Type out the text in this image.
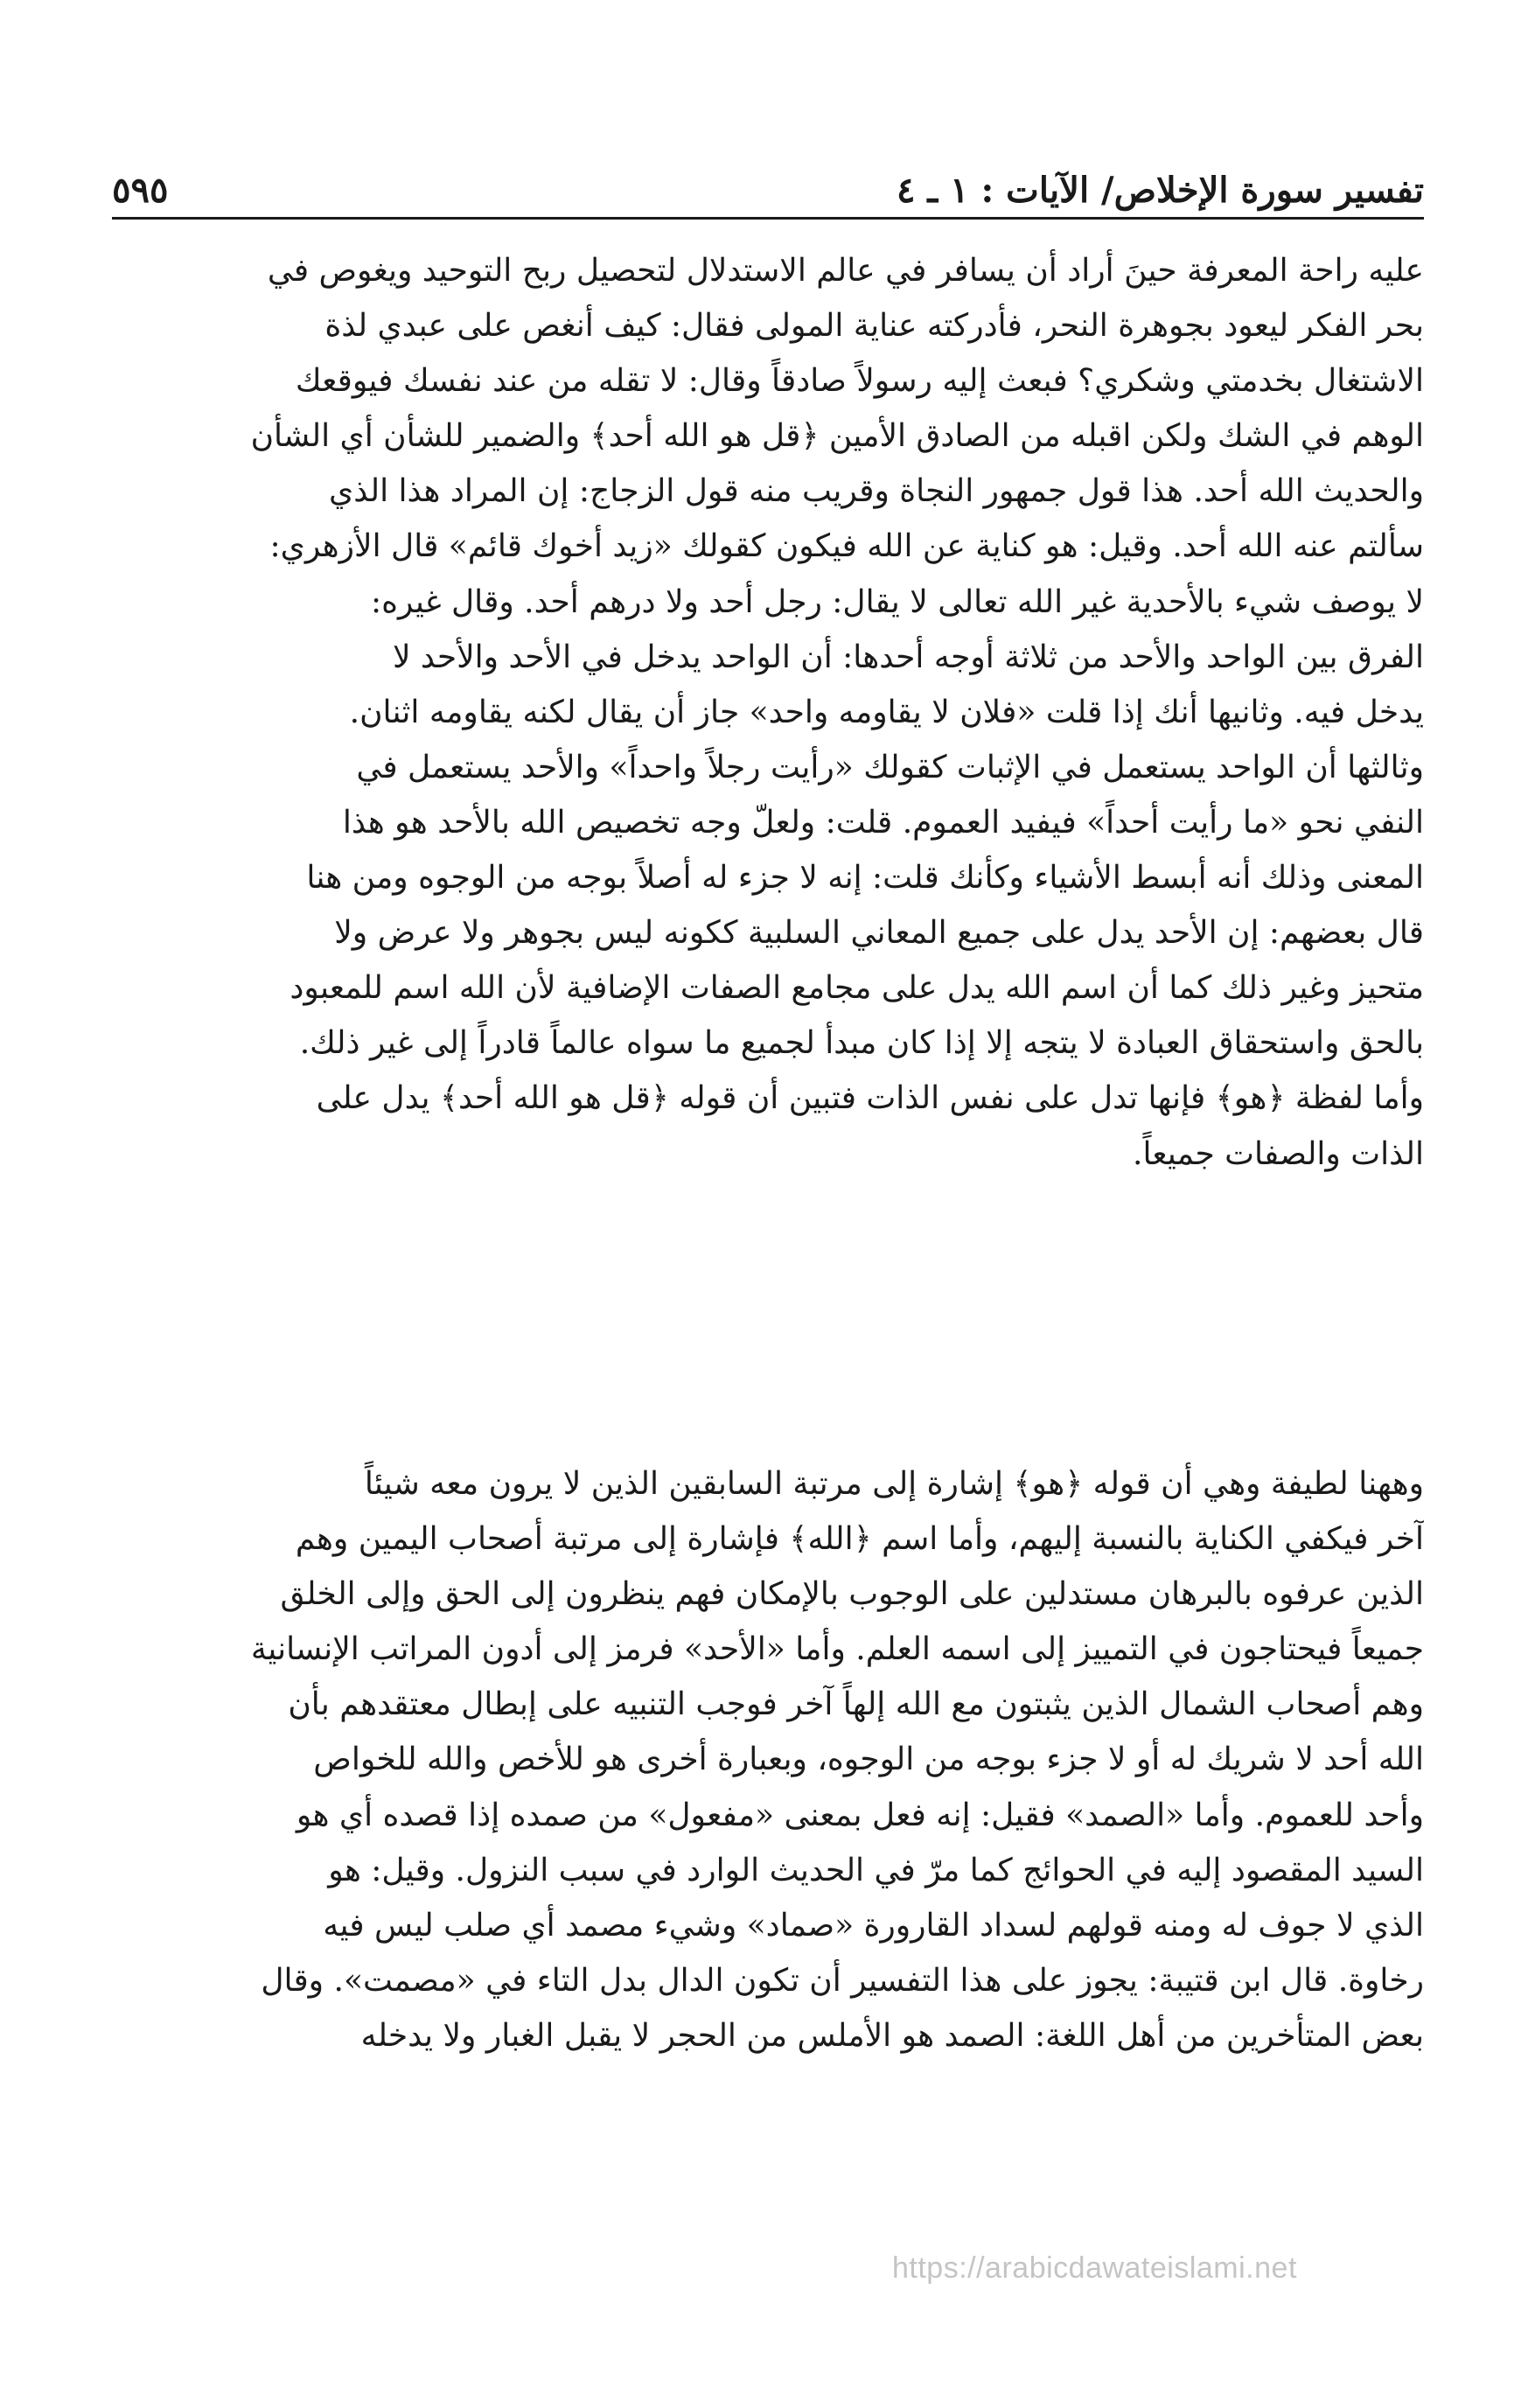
تفسير سورة الإخلاص/ الآيات : ١ ـ ٤
٥٩٥
عليه راحة المعرفة حينَ أراد أن يسافر في عالم الاستدلال لتحصيل ربح التوحيد ويغوص في
بحر الفكر ليعود بجوهرة النحر، فأدركته عناية المولى فقال: كيف أنغص على عبدي لذة
الاشتغال بخدمتي وشكري؟ فبعث إليه رسولاً صادقاً وقال: لا تقله من عند نفسك فيوقعك
الوهم في الشك ولكن اقبله من الصادق الأمين ﴿قل هو الله أحد﴾ والضمير للشأن أي الشأن
والحديث الله أحد. هذا قول جمهور النجاة وقريب منه قول الزجاج: إن المراد هذا الذي
سألتم عنه الله أحد. وقيل: هو كناية عن الله فيكون كقولك «زيد أخوك قائم» قال الأزهري:
لا يوصف شيء بالأحدية غير الله تعالى لا يقال: رجل أحد ولا درهم أحد. وقال غيره:
الفرق بين الواحد والأحد من ثلاثة أوجه أحدها: أن الواحد يدخل في الأحد والأحد لا
يدخل فيه. وثانيها أنك إذا قلت «فلان لا يقاومه واحد» جاز أن يقال لكنه يقاومه اثنان.
وثالثها أن الواحد يستعمل في الإثبات كقولك «رأيت رجلاً واحداً» والأحد يستعمل في
النفي نحو «ما رأيت أحداً» فيفيد العموم. قلت: ولعلّ وجه تخصيص الله بالأحد هو هذا
المعنى وذلك أنه أبسط الأشياء وكأنك قلت: إنه لا جزء له أصلاً بوجه من الوجوه ومن هنا
قال بعضهم: إن الأحد يدل على جميع المعاني السلبية ككونه ليس بجوهر ولا عرض ولا
متحيز وغير ذلك كما أن اسم الله يدل على مجامع الصفات الإضافية لأن الله اسم للمعبود
بالحق واستحقاق العبادة لا يتجه إلا إذا كان مبدأ لجميع ما سواه عالماً قادراً إلى غير ذلك.
وأما لفظة ﴿هو﴾ فإنها تدل على نفس الذات فتبين أن قوله ﴿قل هو الله أحد﴾ يدل على
الذات والصفات جميعاً.
وههنا لطيفة وهي أن قوله ﴿هو﴾ إشارة إلى مرتبة السابقين الذين لا يرون معه شيئاً
آخر فيكفي الكناية بالنسبة إليهم، وأما اسم ﴿الله﴾ فإشارة إلى مرتبة أصحاب اليمين وهم
الذين عرفوه بالبرهان مستدلين على الوجوب بالإمكان فهم ينظرون إلى الحق وإلى الخلق
جميعاً فيحتاجون في التمييز إلى اسمه العلم. وأما «الأحد» فرمز إلى أدون المراتب الإنسانية
وهم أصحاب الشمال الذين يثبتون مع الله إلهاً آخر فوجب التنبيه على إبطال معتقدهم بأن
الله أحد لا شريك له أو لا جزء بوجه من الوجوه، وبعبارة أخرى هو للأخص والله للخواص
وأحد للعموم. وأما «الصمد» فقيل: إنه فعل بمعنى «مفعول» من صمده إذا قصده أي هو
السيد المقصود إليه في الحوائج كما مرّ في الحديث الوارد في سبب النزول. وقيل: هو
الذي لا جوف له ومنه قولهم لسداد القارورة «صماد» وشيء مصمد أي صلب ليس فيه
رخاوة. قال ابن قتيبة: يجوز على هذا التفسير أن تكون الدال بدل التاء في «مصمت». وقال
بعض المتأخرين من أهل اللغة: الصمد هو الأملس من الحجر لا يقبل الغبار ولا يدخله
https://arabicdawateislami.net
